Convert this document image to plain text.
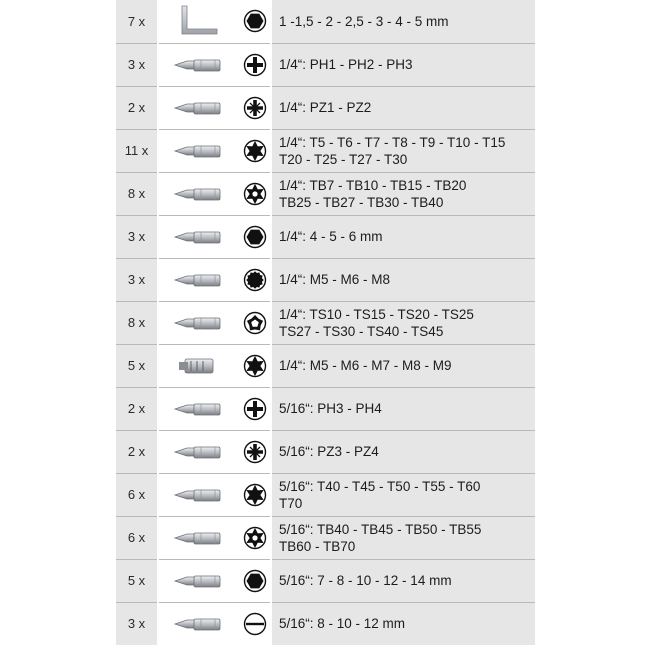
7 x			1 -1,5 - 2 - 2,5 - 3 - 4 - 5 mm

3 x			1/4“: PH1 - PH2 - PH3

2 x			1/4“: PZ1 - PZ2

11 x			1/4“: T5 - T6 - T7 - T8 - T9 - T10 - T15
T20 - T25 - T27 - T30

8 x			1/4“: TB7 - TB10 - TB15 - TB20
TB25 - TB27 - TB30 - TB40

3 x			1/4“: 4 - 5 - 6 mm

3 x			1/4“: M5 - M6 - M8

8 x			1/4“: TS10 - TS15 - TS20 - TS25
TS27 - TS30 - TS40 - TS45

5 x			1/4“: M5 - M6 - M7 - M8 - M9

2 x			5/16“: PH3 - PH4

2 x			5/16“: PZ3 - PZ4

6 x			5/16“: T40 - T45 - T50 - T55 - T60
T70

6 x			5/16“: TB40 - TB45 - TB50 - TB55
TB60 - TB70

5 x			5/16“: 7 - 8 - 10 - 12 - 14 mm

3 x			5/16“: 8 - 10 - 12 mm
